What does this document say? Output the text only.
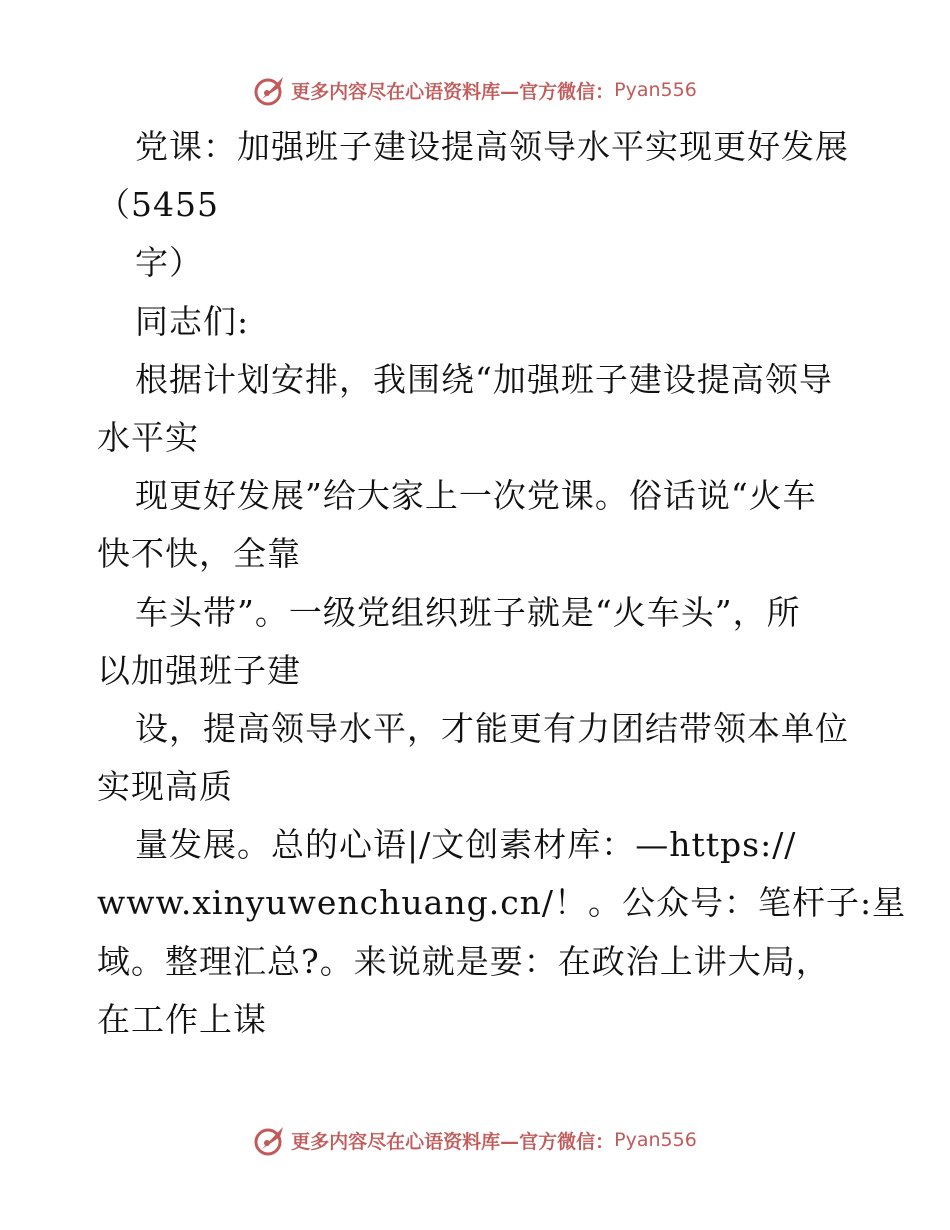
更多内容尽在心语资料库—官方微信： Pyan556
党课：加强班子建设提高领导水平实现更好发展
（5455
字）
同志们:
根据计划安排，我围绕“加强班子建设提高领导
水平实
现更好发展”给大家上一次党课。俗话说“火车
快不快，全靠
车头带”。一级党组织班子就是“火车头”，所
以加强班子建
设，提高领导水平，才能更有力团结带领本单位
实现高质
量发展。总的心语|/文创素材库：—https://
www.xinyuwenchuang.cn/！。公众号：笔杆子:星
域。整理汇总?。来说就是要：在政治上讲大局，
在工作上谋
更多内容尽在心语资料库—官方微信： Pyan556
